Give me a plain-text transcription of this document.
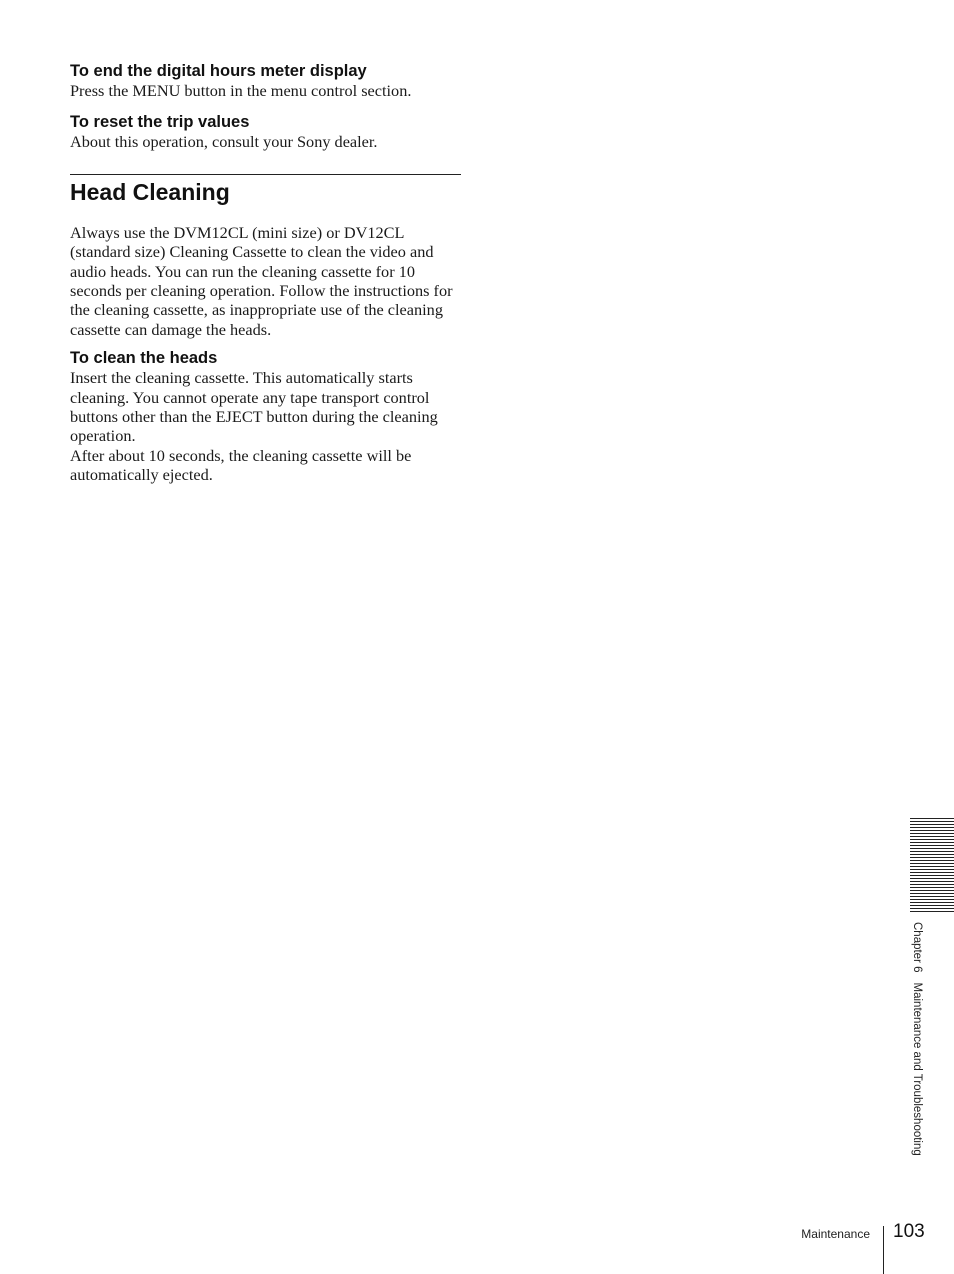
To end the digital hours meter display

Press the MENU button in the menu control section.

To reset the trip values

About this operation, consult your Sony dealer.

Head Cleaning

Always use the DVM12CL (mini size) or DV12CL (standard size) Cleaning Cassette to clean the video and audio heads. You can run the cleaning cassette for 10 seconds per cleaning operation. Follow the instructions for the cleaning cassette, as inappropriate use of the cleaning cassette can damage the heads.

To clean the heads

Insert the cleaning cassette. This automatically starts cleaning. You cannot operate any tape transport control buttons other than the EJECT button during the cleaning operation.

After about 10 seconds, the cleaning cassette will be automatically ejected.

Chapter 6Maintenance and Troubleshooting
Maintenance 103
